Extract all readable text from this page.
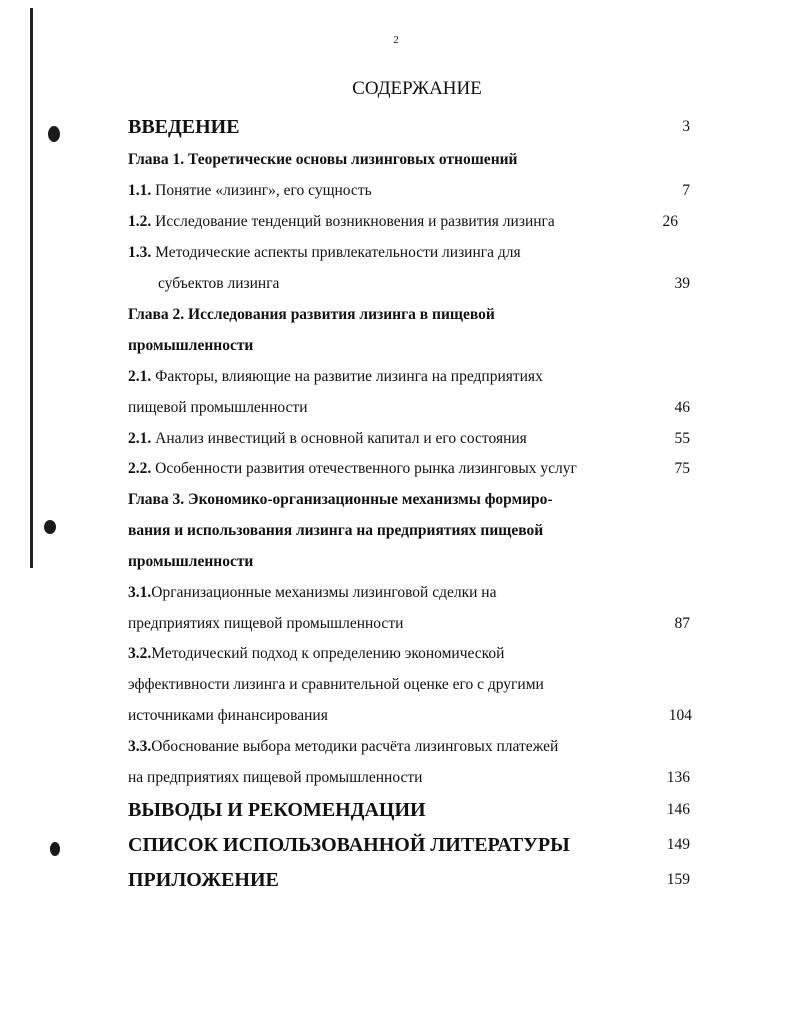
2
СОДЕРЖАНИЕ
ВВЕДЕНИЕ	3
Глава 1. Теоретические основы лизинговых отношений
1.1. Понятие «лизинг», его сущность	7
1.2. Исследование тенденций возникновения и развития лизинга	26
1.3. Методические аспекты привлекательности лизинга для
субъектов лизинга	39
Глава 2. Исследования развития лизинга в пищевой
промышленности
2.1. Факторы, влияющие на развитие лизинга на предприятиях
пищевой промышленности	46
2.1. Анализ инвестиций в основной капитал и его состояния	55
2.2. Особенности развития отечественного рынка лизинговых услуг	75
Глава 3. Экономико-организационные механизмы формиро-
вания и использования лизинга на предприятиях пищевой
промышленности
3.1.Организационные механизмы лизинговой сделки на
предприятиях пищевой промышленности	87
3.2.Методический подход к определению экономической
эффективности лизинга и сравнительной оценке его с другими
источниками финансирования	104
3.3.Обоснование выбора методики расчёта лизинговых платежей
на предприятиях пищевой промышленности	136
ВЫВОДЫ И РЕКОМЕНДАЦИИ	146
СПИСОК ИСПОЛЬЗОВАННОЙ ЛИТЕРАТУРЫ	149
ПРИЛОЖЕНИЕ	159
